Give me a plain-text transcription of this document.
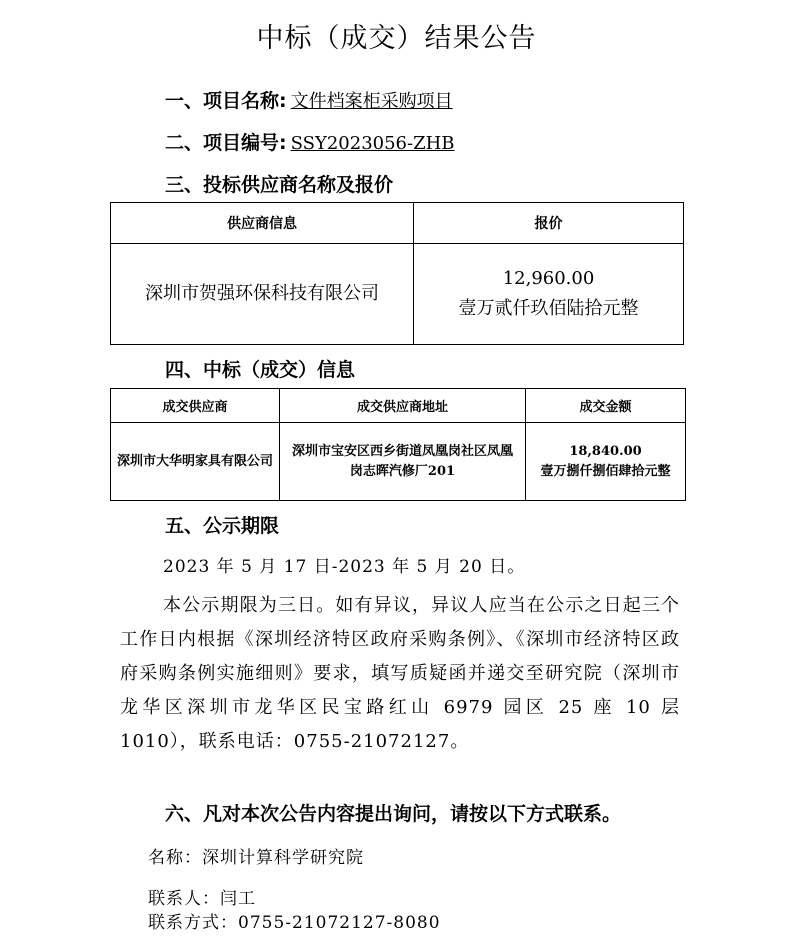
中标（成交）结果公告
一、项目名称: 文件档案柜采购项目
二、项目编号: SSY2023056-ZHB
三、投标供应商名称及报价
供应商信息	报价
深圳市贺强环保科技有限公司	12,960.00
壹万贰仟玖佰陆拾元整
四、中标（成交）信息
成交供应商	成交供应商地址	成交金额
深圳市大华明家具有限公司	深圳市宝安区西乡街道凤凰岗社区凤凰岗志晖汽修厂201	18,840.00
壹万捌仟捌佰肆拾元整
五、公示期限
2023 年 5 月 17 日-2023 年 5 月 20 日。
本公示期限为三日。如有异议，异议人应当在公示之日起三个工作日内根据《深圳经济特区政府采购条例》、《深圳市经济特区政府采购条例实施细则》要求，填写质疑函并递交至研究院（深圳市龙华区深圳市龙华区民宝路红山 6979 园区 25 座 10 层 1010），联系电话：0755-21072127。
六、凡对本次公告内容提出询问，请按以下方式联系。
名称：深圳计算科学研究院
联系人：闫工
联系方式：0755-21072127-8080
